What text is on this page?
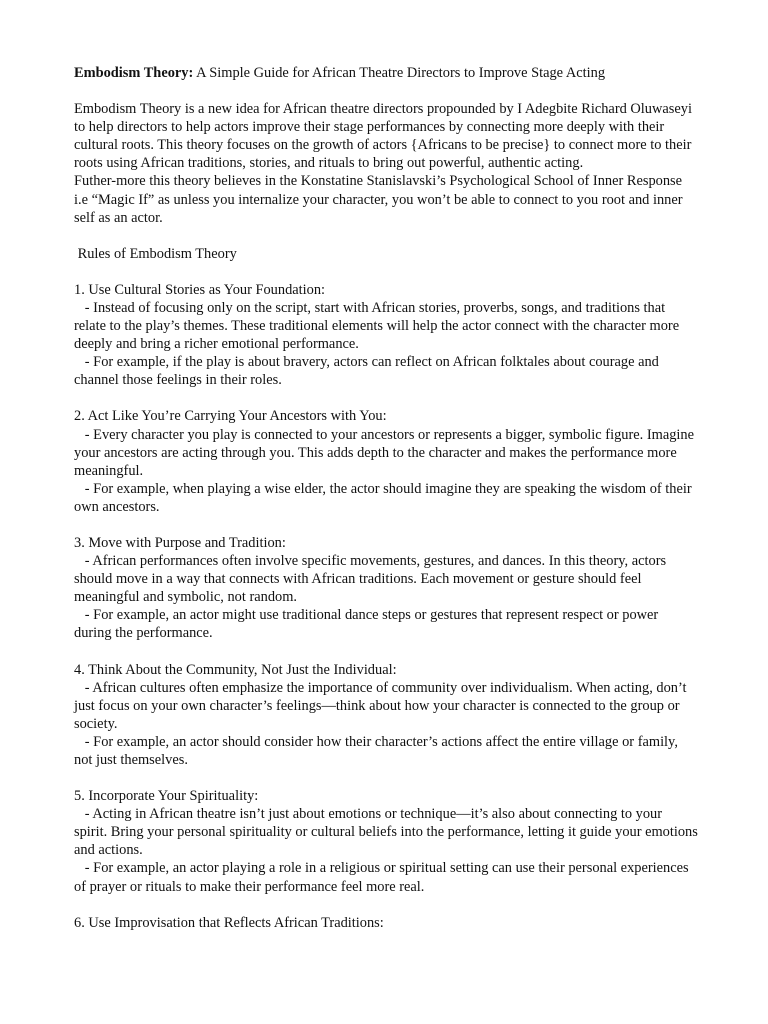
Embodism Theory: A Simple Guide for African Theatre Directors to Improve Stage Acting

Embodism Theory is a new idea for African theatre directors propounded by I Adegbite Richard Oluwaseyi to help directors to help actors improve their stage performances by connecting more deeply with their cultural roots. This theory focuses on the growth of actors {Africans to be precise} to connect more to their roots using African traditions, stories, and rituals to bring out powerful, authentic acting.

Futher-more this theory believes in the Konstatine Stanislavski’s Psychological School of Inner Response i.e “Magic If” as unless you internalize your character, you won’t be able to connect to you root and inner self as an actor.

Rules of Embodism Theory

1. Use Cultural Stories as Your Foundation:

- Instead of focusing only on the script, start with African stories, proverbs, songs, and traditions that relate to the play’s themes. These traditional elements will help the actor connect with the character more deeply and bring a richer emotional performance.

- For example, if the play is about bravery, actors can reflect on African folktales about courage and channel those feelings in their roles.

2. Act Like You’re Carrying Your Ancestors with You:

- Every character you play is connected to your ancestors or represents a bigger, symbolic figure. Imagine your ancestors are acting through you. This adds depth to the character and makes the performance more meaningful.

- For example, when playing a wise elder, the actor should imagine they are speaking the wisdom of their own ancestors.

3. Move with Purpose and Tradition:

- African performances often involve specific movements, gestures, and dances. In this theory, actors should move in a way that connects with African traditions. Each movement or gesture should feel meaningful and symbolic, not random.

- For example, an actor might use traditional dance steps or gestures that represent respect or power during the performance.

4. Think About the Community, Not Just the Individual:

- African cultures often emphasize the importance of community over individualism. When acting, don’t just focus on your own character’s feelings—think about how your character is connected to the group or society.

- For example, an actor should consider how their character’s actions affect the entire village or family, not just themselves.

5. Incorporate Your Spirituality:

- Acting in African theatre isn’t just about emotions or technique—it’s also about connecting to your spirit. Bring your personal spirituality or cultural beliefs into the performance, letting it guide your emotions and actions.

- For example, an actor playing a role in a religious or spiritual setting can use their personal experiences of prayer or rituals to make their performance feel more real.

6. Use Improvisation that Reflects African Traditions:
